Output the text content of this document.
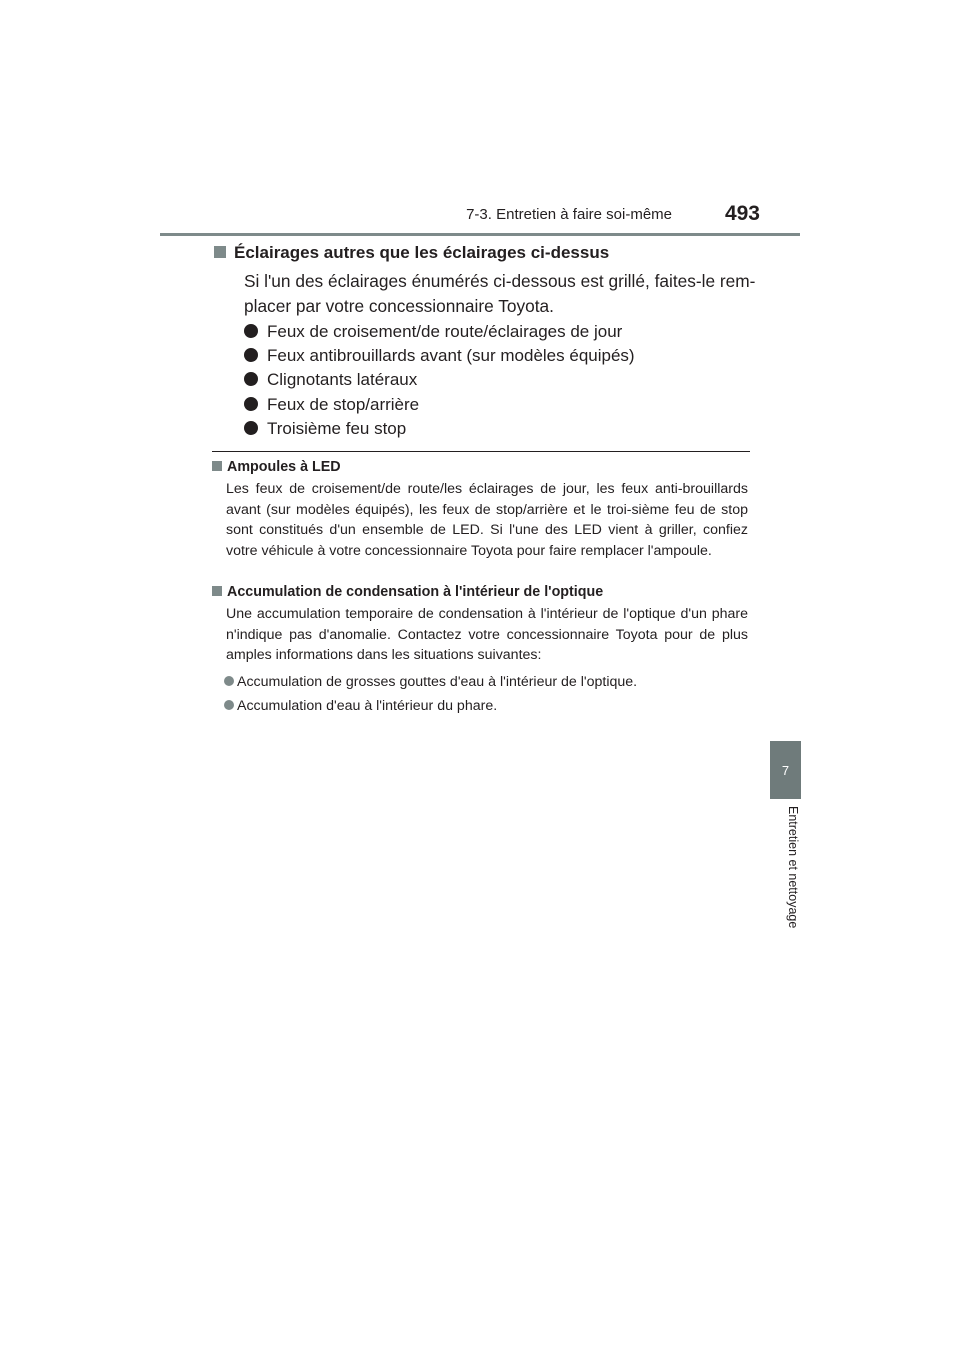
7-3. Entretien à faire soi-même	493
7
Entretien et nettoyage
Éclairages autres que les éclairages ci-dessus
Si l'un des éclairages énumérés ci-dessous est grillé, faites-le rem-placer par votre concessionnaire Toyota.
Feux de croisement/de route/éclairages de jour
Feux antibrouillards avant (sur modèles équipés)
Clignotants latéraux
Feux de stop/arrière
Troisième feu stop
Ampoules à LED
Les feux de croisement/de route/les éclairages de jour, les feux anti-brouillards avant (sur modèles équipés), les feux de stop/arrière et le troi-sième feu de stop sont constitués d'un ensemble de LED. Si l'une des LED vient à griller, confiez votre véhicule à votre concessionnaire Toyota pour faire remplacer l'ampoule.
Accumulation de condensation à l'intérieur de l'optique
Une accumulation temporaire de condensation à l'intérieur de l'optique d'un phare n'indique pas d'anomalie. Contactez votre concessionnaire Toyota pour de plus amples informations dans les situations suivantes:
Accumulation de grosses gouttes d'eau à l'intérieur de l'optique.
Accumulation d'eau à l'intérieur du phare.
